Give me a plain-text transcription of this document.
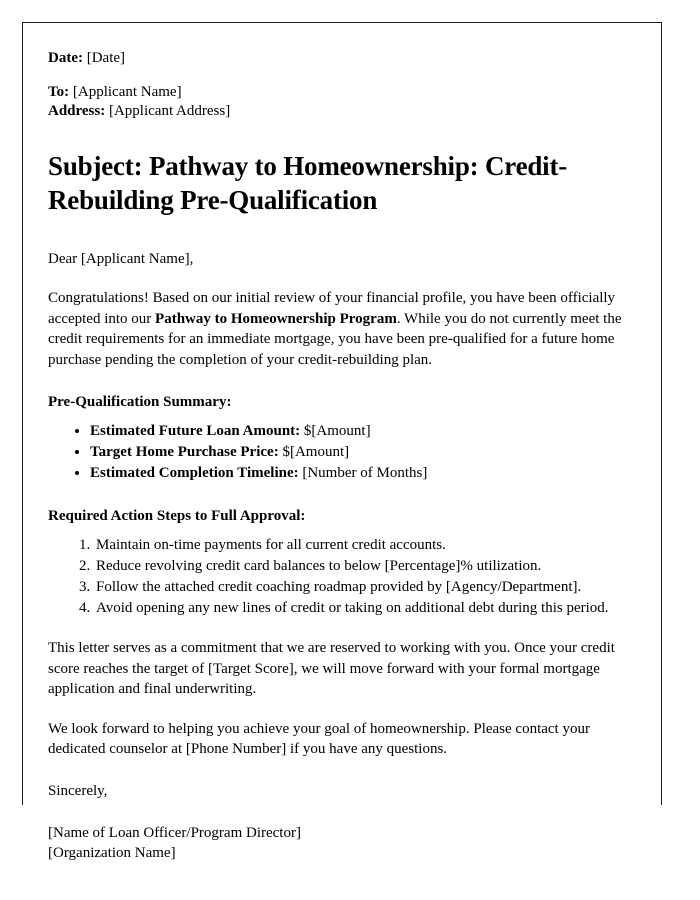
Date: [Date]
To: [Applicant Name]
Address: [Applicant Address]
Subject: Pathway to Homeownership: Credit-Rebuilding Pre-Qualification
Dear [Applicant Name],

Congratulations! Based on our initial review of your financial profile, you have been officially accepted into our Pathway to Homeownership Program. While you do not currently meet the credit requirements for an immediate mortgage, you have been pre-qualified for a future home purchase pending the completion of your credit-rebuilding plan.

Pre-Qualification Summary:
• Estimated Future Loan Amount: $[Amount]
• Target Home Purchase Price: $[Amount]
• Estimated Completion Timeline: [Number of Months]
Required Action Steps to Full Approval:
1. Maintain on-time payments for all current credit accounts.
2. Reduce revolving credit card balances to below [Percentage]% utilization.
3. Follow the attached credit coaching roadmap provided by [Agency/Department].
4. Avoid opening any new lines of credit or taking on additional debt during this period.

This letter serves as a commitment that we are reserved to working with you. Once your credit score reaches the target of [Target Score], we will move forward with your formal mortgage application and final underwriting.

We look forward to helping you achieve your goal of homeownership. Please contact your dedicated counselor at [Phone Number] if you have any questions.

Sincerely,
[Name of Loan Officer/Program Director]
[Organization Name]
